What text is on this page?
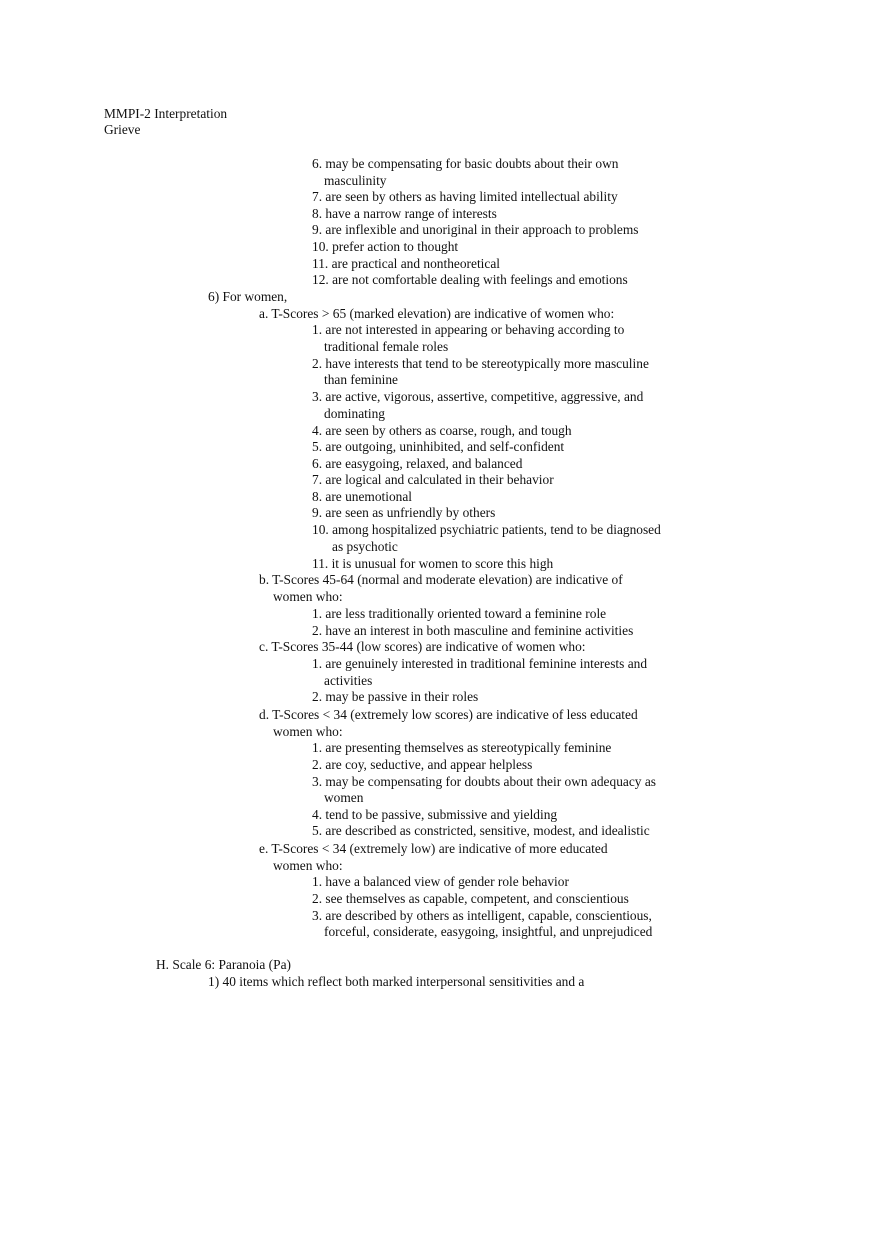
MMPI-2 Interpretation
Grieve
6. may be compensating for basic doubts about their own
masculinity
7. are seen by others as having limited intellectual ability
8. have a narrow range of interests
9. are inflexible and unoriginal in their approach to problems
10. prefer action to thought
11. are practical and nontheoretical
12. are not comfortable dealing with feelings and emotions
6) For women,
a. T-Scores > 65 (marked elevation) are indicative of women who:
1. are not interested in appearing or behaving according to
traditional female roles
2. have interests that tend to be stereotypically more masculine
than feminine
3. are active, vigorous, assertive, competitive, aggressive, and
dominating
4. are seen by others as coarse, rough, and tough
5. are outgoing, uninhibited, and self-confident
6. are easygoing, relaxed, and balanced
7. are logical and calculated in their behavior
8. are unemotional
9. are seen as unfriendly by others
10. among hospitalized psychiatric patients, tend to be diagnosed
as psychotic
11. it is unusual for women to score this high
b. T-Scores 45-64 (normal and moderate elevation) are indicative of
women who:
1. are less traditionally oriented toward a feminine role
2. have an interest in both masculine and feminine activities
c. T-Scores 35-44 (low scores) are indicative of women who:
1. are genuinely interested in traditional feminine interests and
activities
2. may be passive in their roles
d. T-Scores < 34 (extremely low scores) are indicative of less educated
women who:
1. are presenting themselves as stereotypically feminine
2. are coy, seductive, and appear helpless
3. may be compensating for doubts about their own adequacy as
women
4. tend to be passive, submissive and yielding
5. are described as constricted, sensitive, modest, and idealistic
e. T-Scores < 34 (extremely low) are indicative of more educated
women who:
1. have a balanced view of gender role behavior
2. see themselves as capable, competent, and conscientious
3. are described by others as intelligent, capable, conscientious,
forceful, considerate, easygoing, insightful, and unprejudiced
H. Scale 6: Paranoia (Pa)
1) 40 items which reflect both marked interpersonal sensitivities and a
